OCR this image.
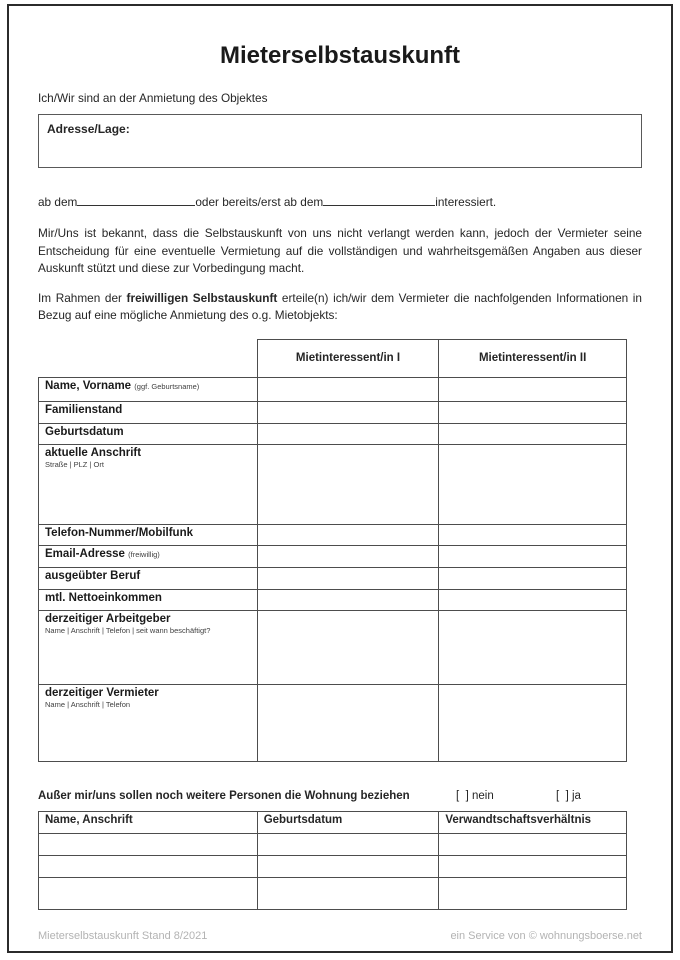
Mieterselbstauskunft

Ich/Wir sind an der Anmietung des Objektes

Adresse/Lage:

ab dem	oder bereits/erst ab dem	interessiert.

Mir/Uns ist bekannt, dass die Selbstauskunft von uns nicht verlangt werden kann, jedoch der Vermieter seine Entscheidung für eine eventuelle Vermietung auf die vollständigen und wahrheitsgemäßen Angaben aus dieser Auskunft stützt und diese zur Vorbedingung macht.

Im Rahmen der freiwilligen Selbstauskunft erteile(n) ich/wir dem Vermieter die nachfolgenden Informationen in Bezug auf eine mögliche Anmietung des o.g. Mietobjekts:

	Mietinteressent/in I	Mietinteressent/in II
Name, Vorname (ggf. Geburtsname)		
Familienstand		
Geburtsdatum		

aktuelle Anschrift
Straße | PLZ | Ort		

Telefon-Nummer/Mobilfunk		
Email-Adresse (freiwillig)		
ausgeübter Beruf		
mtl. Nettoeinkommen		

derzeitiger Arbeitgeber
Name | Anschrift | Telefon | seit wann beschäftigt?		

derzeitiger Vermieter
Name | Anschrift | Telefon		

Außer mir/uns sollen noch weitere Personen die Wohnung beziehen	[  ] nein	[  ] ja
Name, Anschrift	Geburtsdatum	Verwandtschaftsverhältnis

Mieterselbstauskunft Stand 8/2021	ein Service von © wohnungsboerse.net
